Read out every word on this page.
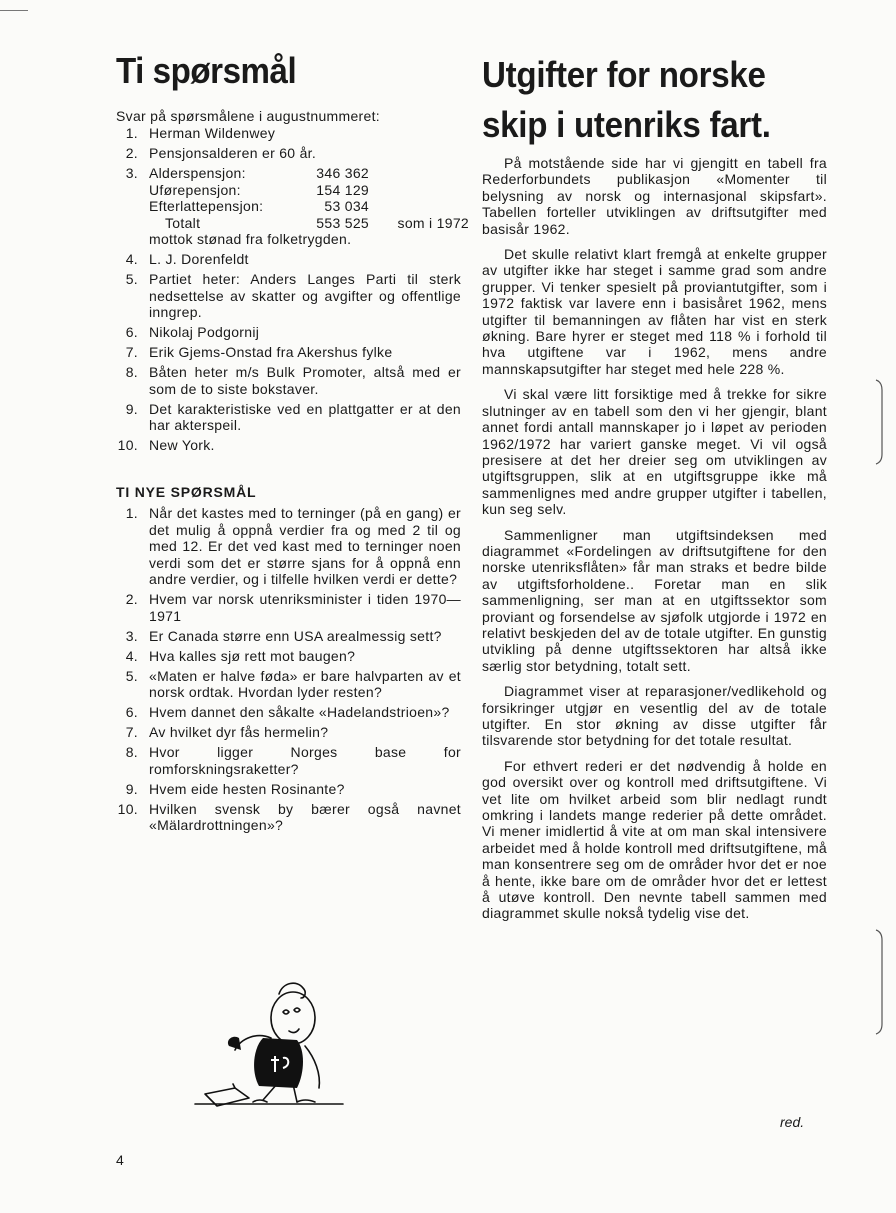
Ti spørsmål
Svar på spørsmålene i augustnummeret:
1. Herman Wildenwey
2. Pensjonsalderen er 60 år.
3. Alderspensjon:	346 362
Uførepensjon:	154 129
Efterlattepensjon:	53 034
Totalt	553 525	som i 1972
mottok stønad fra folketrygden.
4. L. J. Dorenfeldt
5. Partiet heter: Anders Langes Parti til sterk nedsettelse av skatter og avgifter og offentlige inngrep.
6. Nikolaj Podgornij
7. Erik Gjems-Onstad fra Akershus fylke
8. Båten heter m/s Bulk Promoter, altså med er som de to siste bokstaver.
9. Det karakteristiske ved en plattgatter er at den har akterspeil.
10. New York.
TI NYE SPØRSMÅL
1. Når det kastes med to terninger (på en gang) er det mulig å oppnå verdier fra og med 2 til og med 12. Er det ved kast med to terninger noen verdi som det er større sjans for å oppnå enn andre verdier, og i tilfelle hvilken verdi er dette?
2. Hvem var norsk utenriksminister i tiden 1970—1971
3. Er Canada større enn USA arealmessig sett?
4. Hva kalles sjø rett mot baugen?
5. «Maten er halve føda» er bare halvparten av et norsk ordtak. Hvordan lyder resten?
6. Hvem dannet den såkalte «Hadelandstrioen»?
7. Av hvilket dyr fås hermelin?
8. Hvor ligger Norges base for romforskningsraketter?
9. Hvem eide hesten Rosinante?
10. Hvilken svensk by bærer også navnet «Mälardrottningen»?
Utgifter for norske
skip i utenriks fart.

På motstående side har vi gjengitt en tabell fra Rederforbundets publikasjon «Momenter til belysning av norsk og internasjonal skipsfart». Tabellen forteller utviklingen av driftsutgifter med basisår 1962.

Det skulle relativt klart fremgå at enkelte grupper av utgifter ikke har steget i samme grad som andre grupper. Vi tenker spesielt på proviantutgifter, som i 1972 faktisk var lavere enn i basisåret 1962, mens utgifter til bemanningen av flåten har vist en sterk økning. Bare hyrer er steget med 118 % i forhold til hva utgiftene var i 1962, mens andre mannskapsutgifter har steget med hele 228 %.

Vi skal være litt forsiktige med å trekke for sikre slutninger av en tabell som den vi her gjengir, blant annet fordi antall mannskaper jo i løpet av perioden 1962/1972 har variert ganske meget. Vi vil også presisere at det her dreier seg om utviklingen av utgiftsgruppen, slik at en utgiftsgruppe ikke må sammenlignes med andre grupper utgifter i tabellen, kun seg selv.

Sammenligner man utgiftsindeksen med diagrammet «Fordelingen av driftsutgiftene for den norske utenriksflåten» får man straks et bedre bilde av utgiftsforholdene.. Foretar man en slik sammenligning, ser man at en utgiftssektor som proviant og forsendelse av sjøfolk utgjorde i 1972 en relativt beskjeden del av de totale utgifter. En gunstig utvikling på denne utgiftssektoren har altså ikke særlig stor betydning, totalt sett.

Diagrammet viser at reparasjoner/vedlikehold og forsikringer utgjør en vesentlig del av de totale utgifter. En stor økning av disse utgifter får tilsvarende stor betydning for det totale resultat.

For ethvert rederi er det nødvendig å holde en god oversikt over og kontroll med driftsutgiftene. Vi vet lite om hvilket arbeid som blir nedlagt rundt omkring i landets mange rederier på dette området. Vi mener imidlertid å vite at om man skal intensivere arbeidet med å holde kontroll med driftsutgiftene, må man konsentrere seg om de områder hvor det er noe å hente, ikke bare om de områder hvor det er lettest å utøve kontroll. Den nevnte tabell sammen med diagrammet skulle nokså tydelig vise det.

red.
4
